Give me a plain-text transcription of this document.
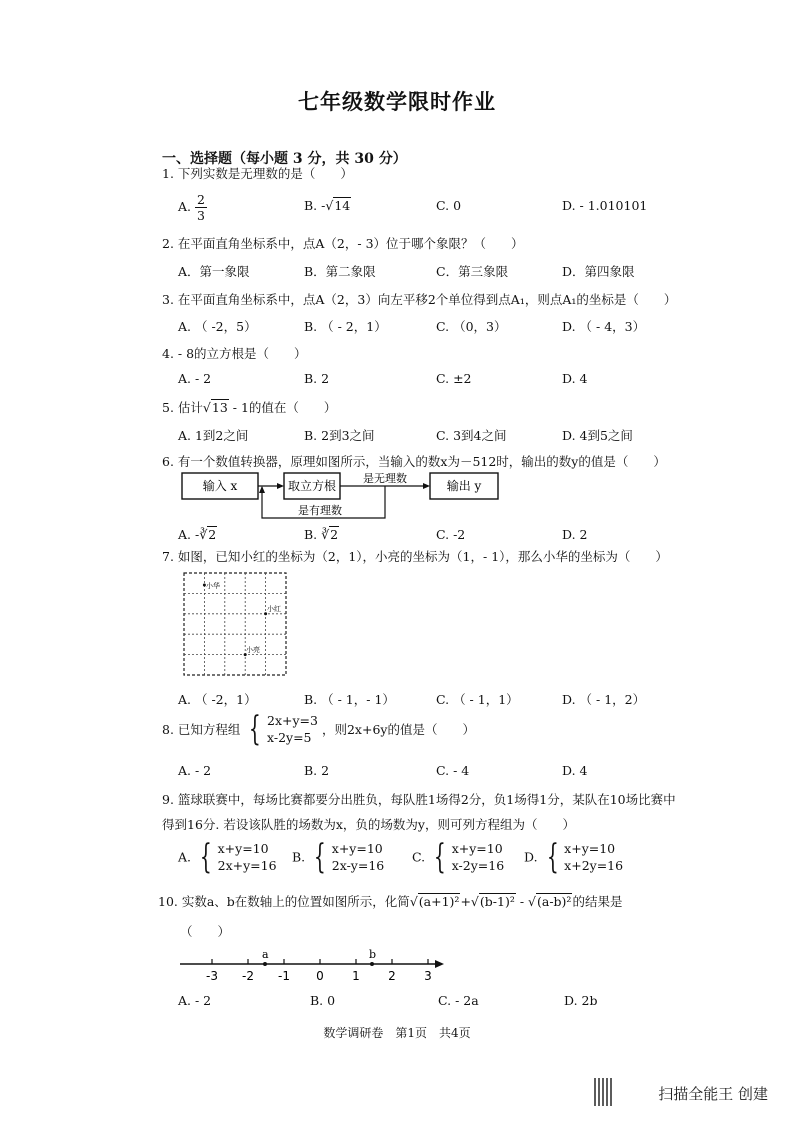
七年级数学限时作业
一、选择题（每小题 3 分，共 30 分）
1. 下列实数是无理数的是（　　）
A. $\frac{2}{3}$	B. -√14	C. 0	D. - 1.010101
2. 在平面直角坐标系中，点A（2，- 3）位于哪个象限？（　　）
A．第一象限	B．第二象限	C．第三象限	D．第四象限
3. 在平面直角坐标系中，点A（2，3）向左平移2个单位得到点A₁，则点A₁的坐标是（　　）
A. （ -2，5）	B. （ - 2，1）	C. （0，3）	D. （ - 4，3）
4. - 8的立方根是（　　）
A. - 2	B. 2	C. ±2	D. 4
5. 估计√13 - 1的值在（　　）
A. 1到2之间	B. 2到3之间	C. 3到4之间	D. 4到5之间
6. 有一个数值转换器，原理如图所示，当输入的数x为－512时，输出的数y的值是（　　）
输入 x	取立方根	输出 y
是无理数
是有理数
A. -∛2	B. ∛2	C. -2	D. 2
7. 如图，已知小红的坐标为（2，1），小亮的坐标为（1，- 1），那么小华的坐标为（　　）
小华
小红
小亮
A. （ -2，1）	B. （ - 1，- 1）	C. （ - 1，1）	D. （ - 1，2）
8. 已知方程组 { 2x+y=3
x-2y=5
，则2x+6y的值是（　　）
A. - 2	B. 2	C. - 4	D. 4
9. 篮球联赛中，每场比赛都要分出胜负，每队胜1场得2分，负1场得1分，某队在10场比赛中
得到16分. 若设该队胜的场数为x，负的场数为y，则可列方程组为（　　）
A. { x+y=10
2x+y=16
B. { x+y=10
2x-y=16
C. { x+y=10
x-2y=16
D. { x+y=10
x+2y=16
10. 实数a、b在数轴上的位置如图所示，化简√(a+1)²+√(b-1)² - √(a-b)²的结果是
（　　）
-3 -2 -1 0 1 2 3
a	b
A. - 2	B. 0	C. - 2a	D. 2b
数学调研卷　第1页　共4页
扫描全能王 创建
